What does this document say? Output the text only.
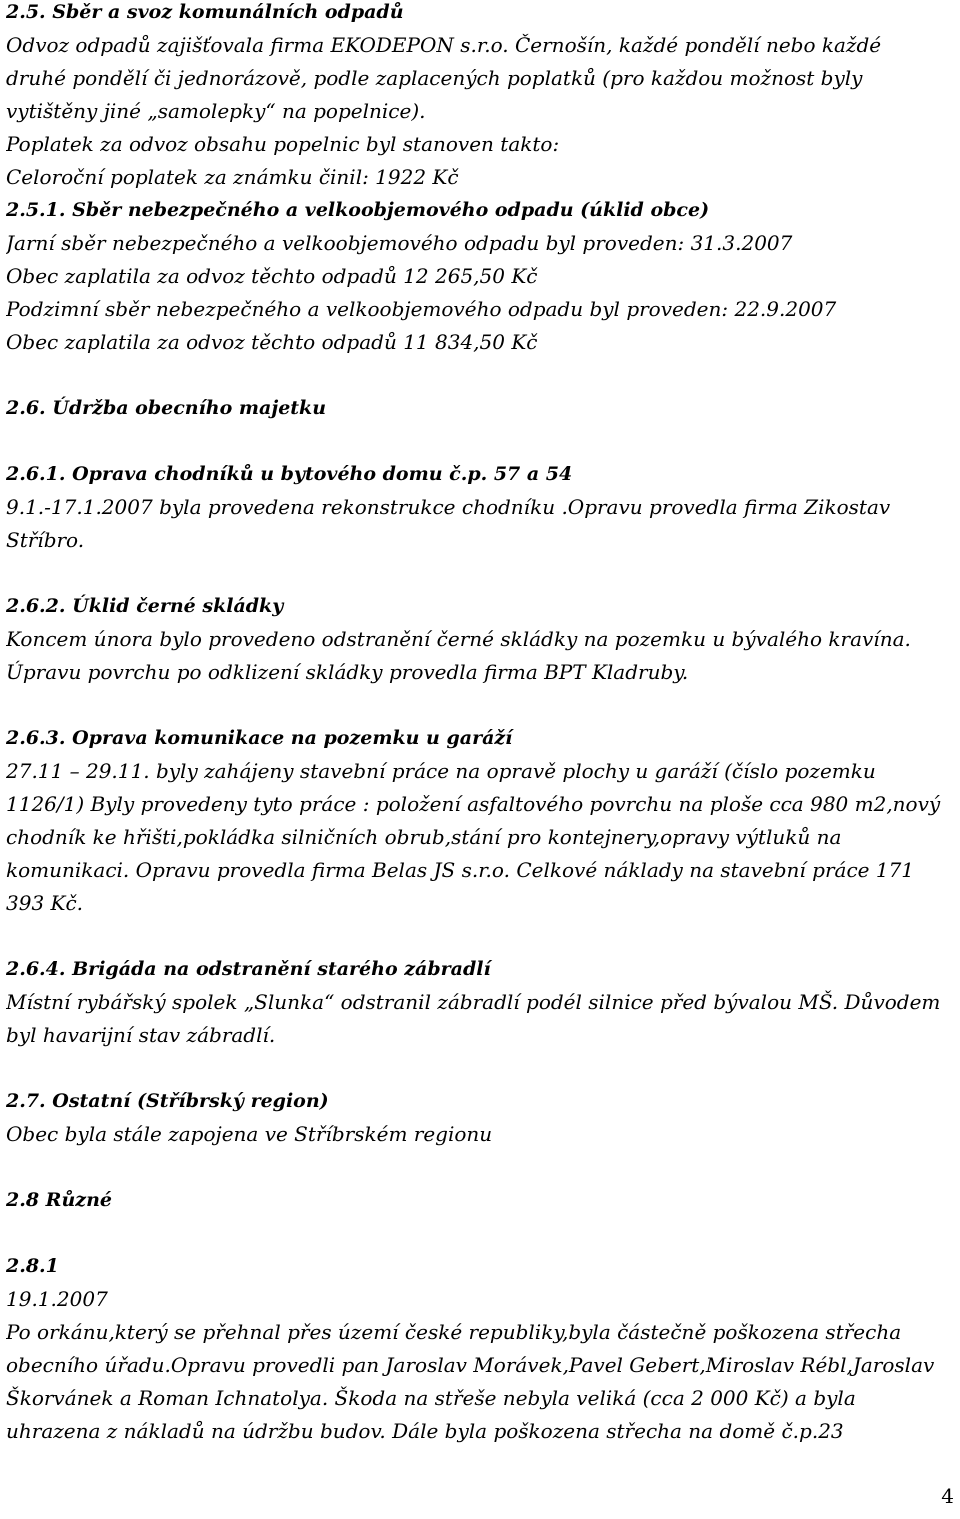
2.5. Sběr a svoz komunálních odpadů
Odvoz odpadů zajišťovala firma EKODEPON s.r.o. Černošín, každé pondělí nebo každé druhé pondělí či jednorázově, podle zaplacených poplatků (pro každou možnost byly vytištěny jiné „samolepky“ na popelnice).
Poplatek za odvoz obsahu popelnic byl stanoven takto:
Celoroční poplatek za známku činil: 1922 Kč
2.5.1. Sběr nebezpečného a velkoobjemového odpadu (úklid obce)
Jarní sběr nebezpečného a velkoobjemového odpadu byl proveden: 31.3.2007
Obec zaplatila za odvoz těchto odpadů 12 265,50 Kč
Podzimní sběr nebezpečného a velkoobjemového odpadu byl proveden: 22.9.2007
Obec zaplatila za odvoz těchto odpadů 11 834,50 Kč
2.6. Údržba obecního majetku
2.6.1. Oprava chodníků u bytového domu č.p. 57 a 54
9.1.-17.1.2007 byla provedena rekonstrukce chodníku .Opravu provedla firma Zikostav Stříbro.
2.6.2. Úklid černé skládky
Koncem února bylo provedeno odstranění černé skládky na pozemku u bývalého kravína. Úpravu povrchu po odklizení skládky provedla firma BPT Kladruby.
2.6.3. Oprava komunikace na pozemku u garáží
27.11 – 29.11. byly zahájeny stavební práce na opravě plochy u garáží (číslo pozemku 1126/1) Byly provedeny tyto práce : položení asfaltového povrchu na ploše cca 980 m2,nový chodník ke hřišti,pokládka silničních obrub,stání pro kontejnery,opravy výtluků na komunikaci. Opravu provedla firma Belas JS s.r.o. Celkové náklady na stavební práce 171 393 Kč.
2.6.4. Brigáda na odstranění starého zábradlí
Místní rybářský spolek „Slunka“ odstranil zábradlí podél silnice před bývalou MŠ. Důvodem byl havarijní stav zábradlí.
2.7. Ostatní (Stříbrský region)
Obec byla stále zapojena ve Stříbrském regionu
2.8 Různé
2.8.1
19.1.2007
Po orkánu,který se přehnal přes území české republiky,byla částečně poškozena střecha obecního úřadu.Opravu provedli pan Jaroslav Morávek,Pavel Gebert,Miroslav Rébl,Jaroslav Škorvánek a Roman Ichnatolya. Škoda na střeše nebyla veliká (cca 2 000 Kč) a byla uhrazena z nákladů na údržbu budov. Dále byla poškozena střecha na domě č.p.23
4
